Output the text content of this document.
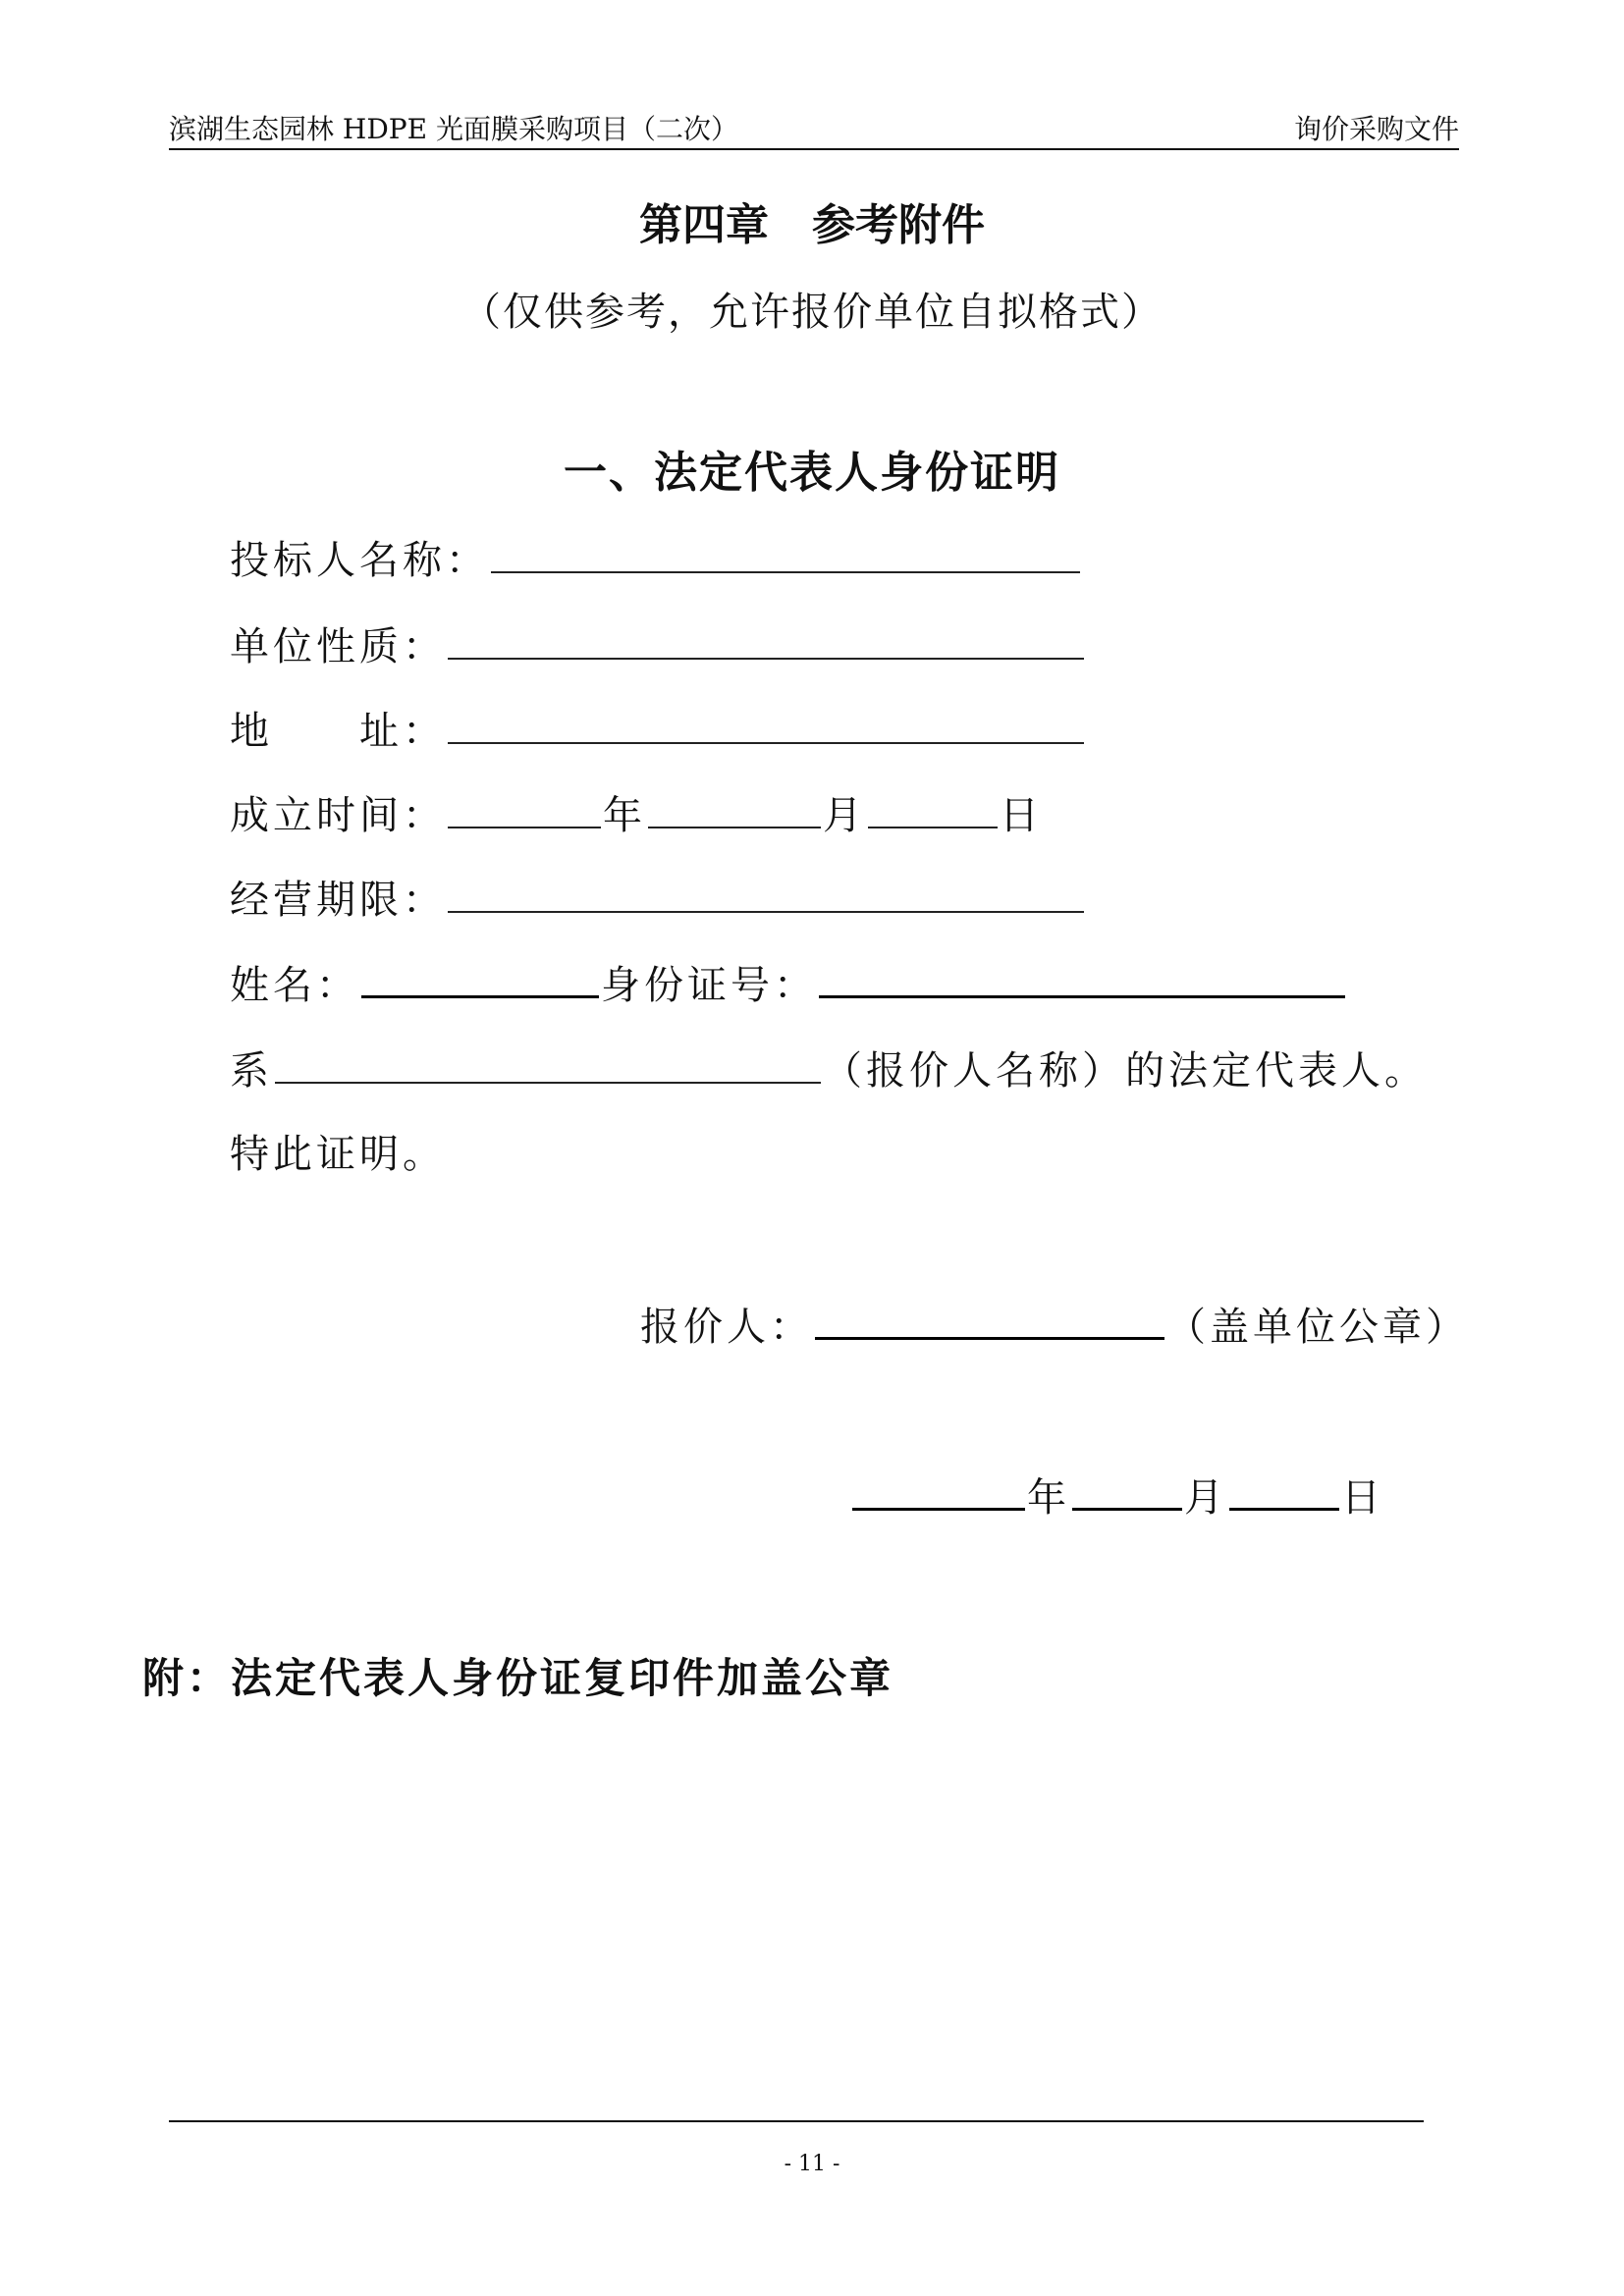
滨湖生态园林 HDPE 光面膜采购项目（二次）	询价采购文件
第四章　参考附件
（仅供参考，允许报价单位自拟格式）
一、法定代表人身份证明
投标人名称：
单位性质：
地　　址：
成立时间：	年	月	日
经营期限：
姓名：	身份证号：
系	（报价人名称）的法定代表人。
特此证明。
报价人：	（盖单位公章）
年	月	日
附：法定代表人身份证复印件加盖公章
- 11 -
